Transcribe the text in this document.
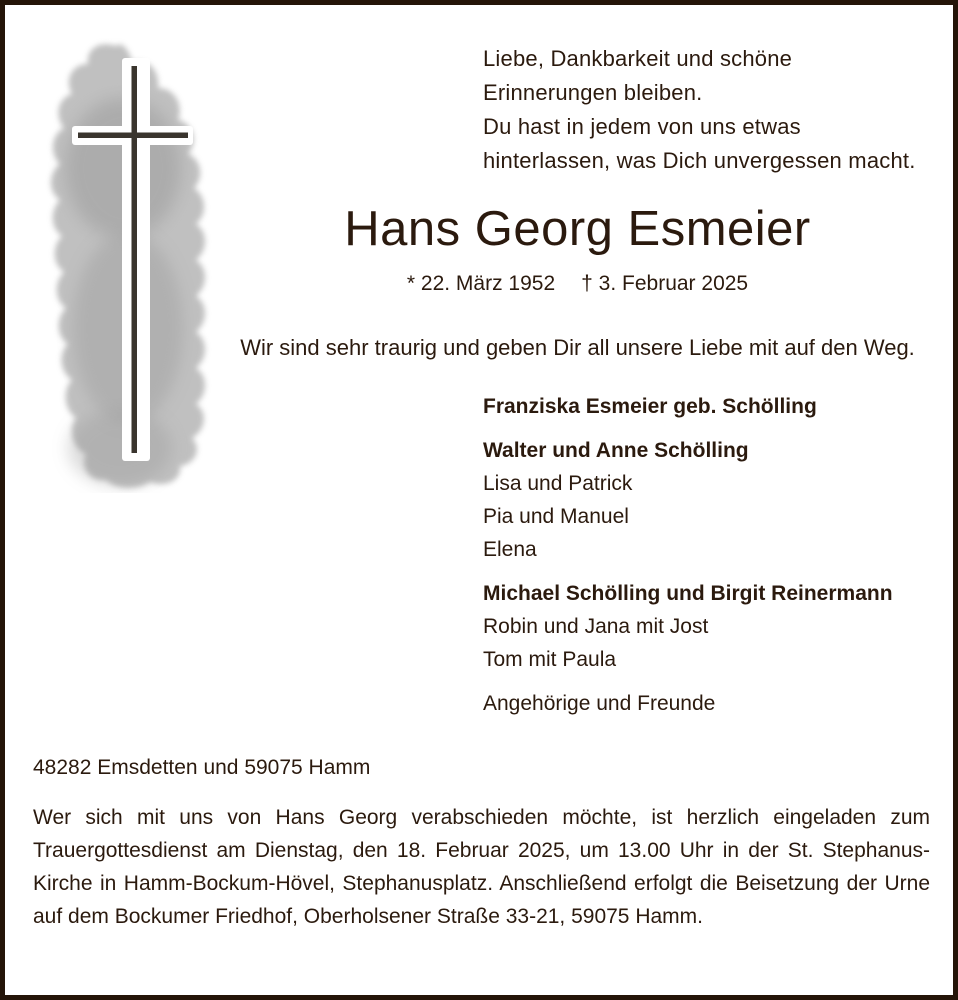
Liebe, Dankbarkeit und schöne
Erinnerungen bleiben.
Du hast in jedem von uns etwas
hinterlassen, was Dich unvergessen macht.
Hans Georg Esmeier
* 22. März 1952 † 3. Februar 2025
Wir sind sehr traurig und geben Dir all unsere Liebe mit auf den Weg.
Franziska Esmeier geb. Schölling
Walter und Anne Schölling
Lisa und Patrick
Pia und Manuel
Elena
Michael Schölling und Birgit Reinermann
Robin und Jana mit Jost
Tom mit Paula
Angehörige und Freunde
48282 Emsdetten und 59075 Hamm
Wer sich mit uns von Hans Georg verabschieden möchte, ist herzlich eingeladen zum Trauergottesdienst am Dienstag, den 18. Februar 2025, um 13.00 Uhr in der St. Stephanus-Kirche in Hamm-Bockum-Hövel, Stephanusplatz. Anschließend erfolgt die Beisetzung der Urne auf dem Bockumer Friedhof, Oberholsener Straße 33-21, 59075 Hamm.
